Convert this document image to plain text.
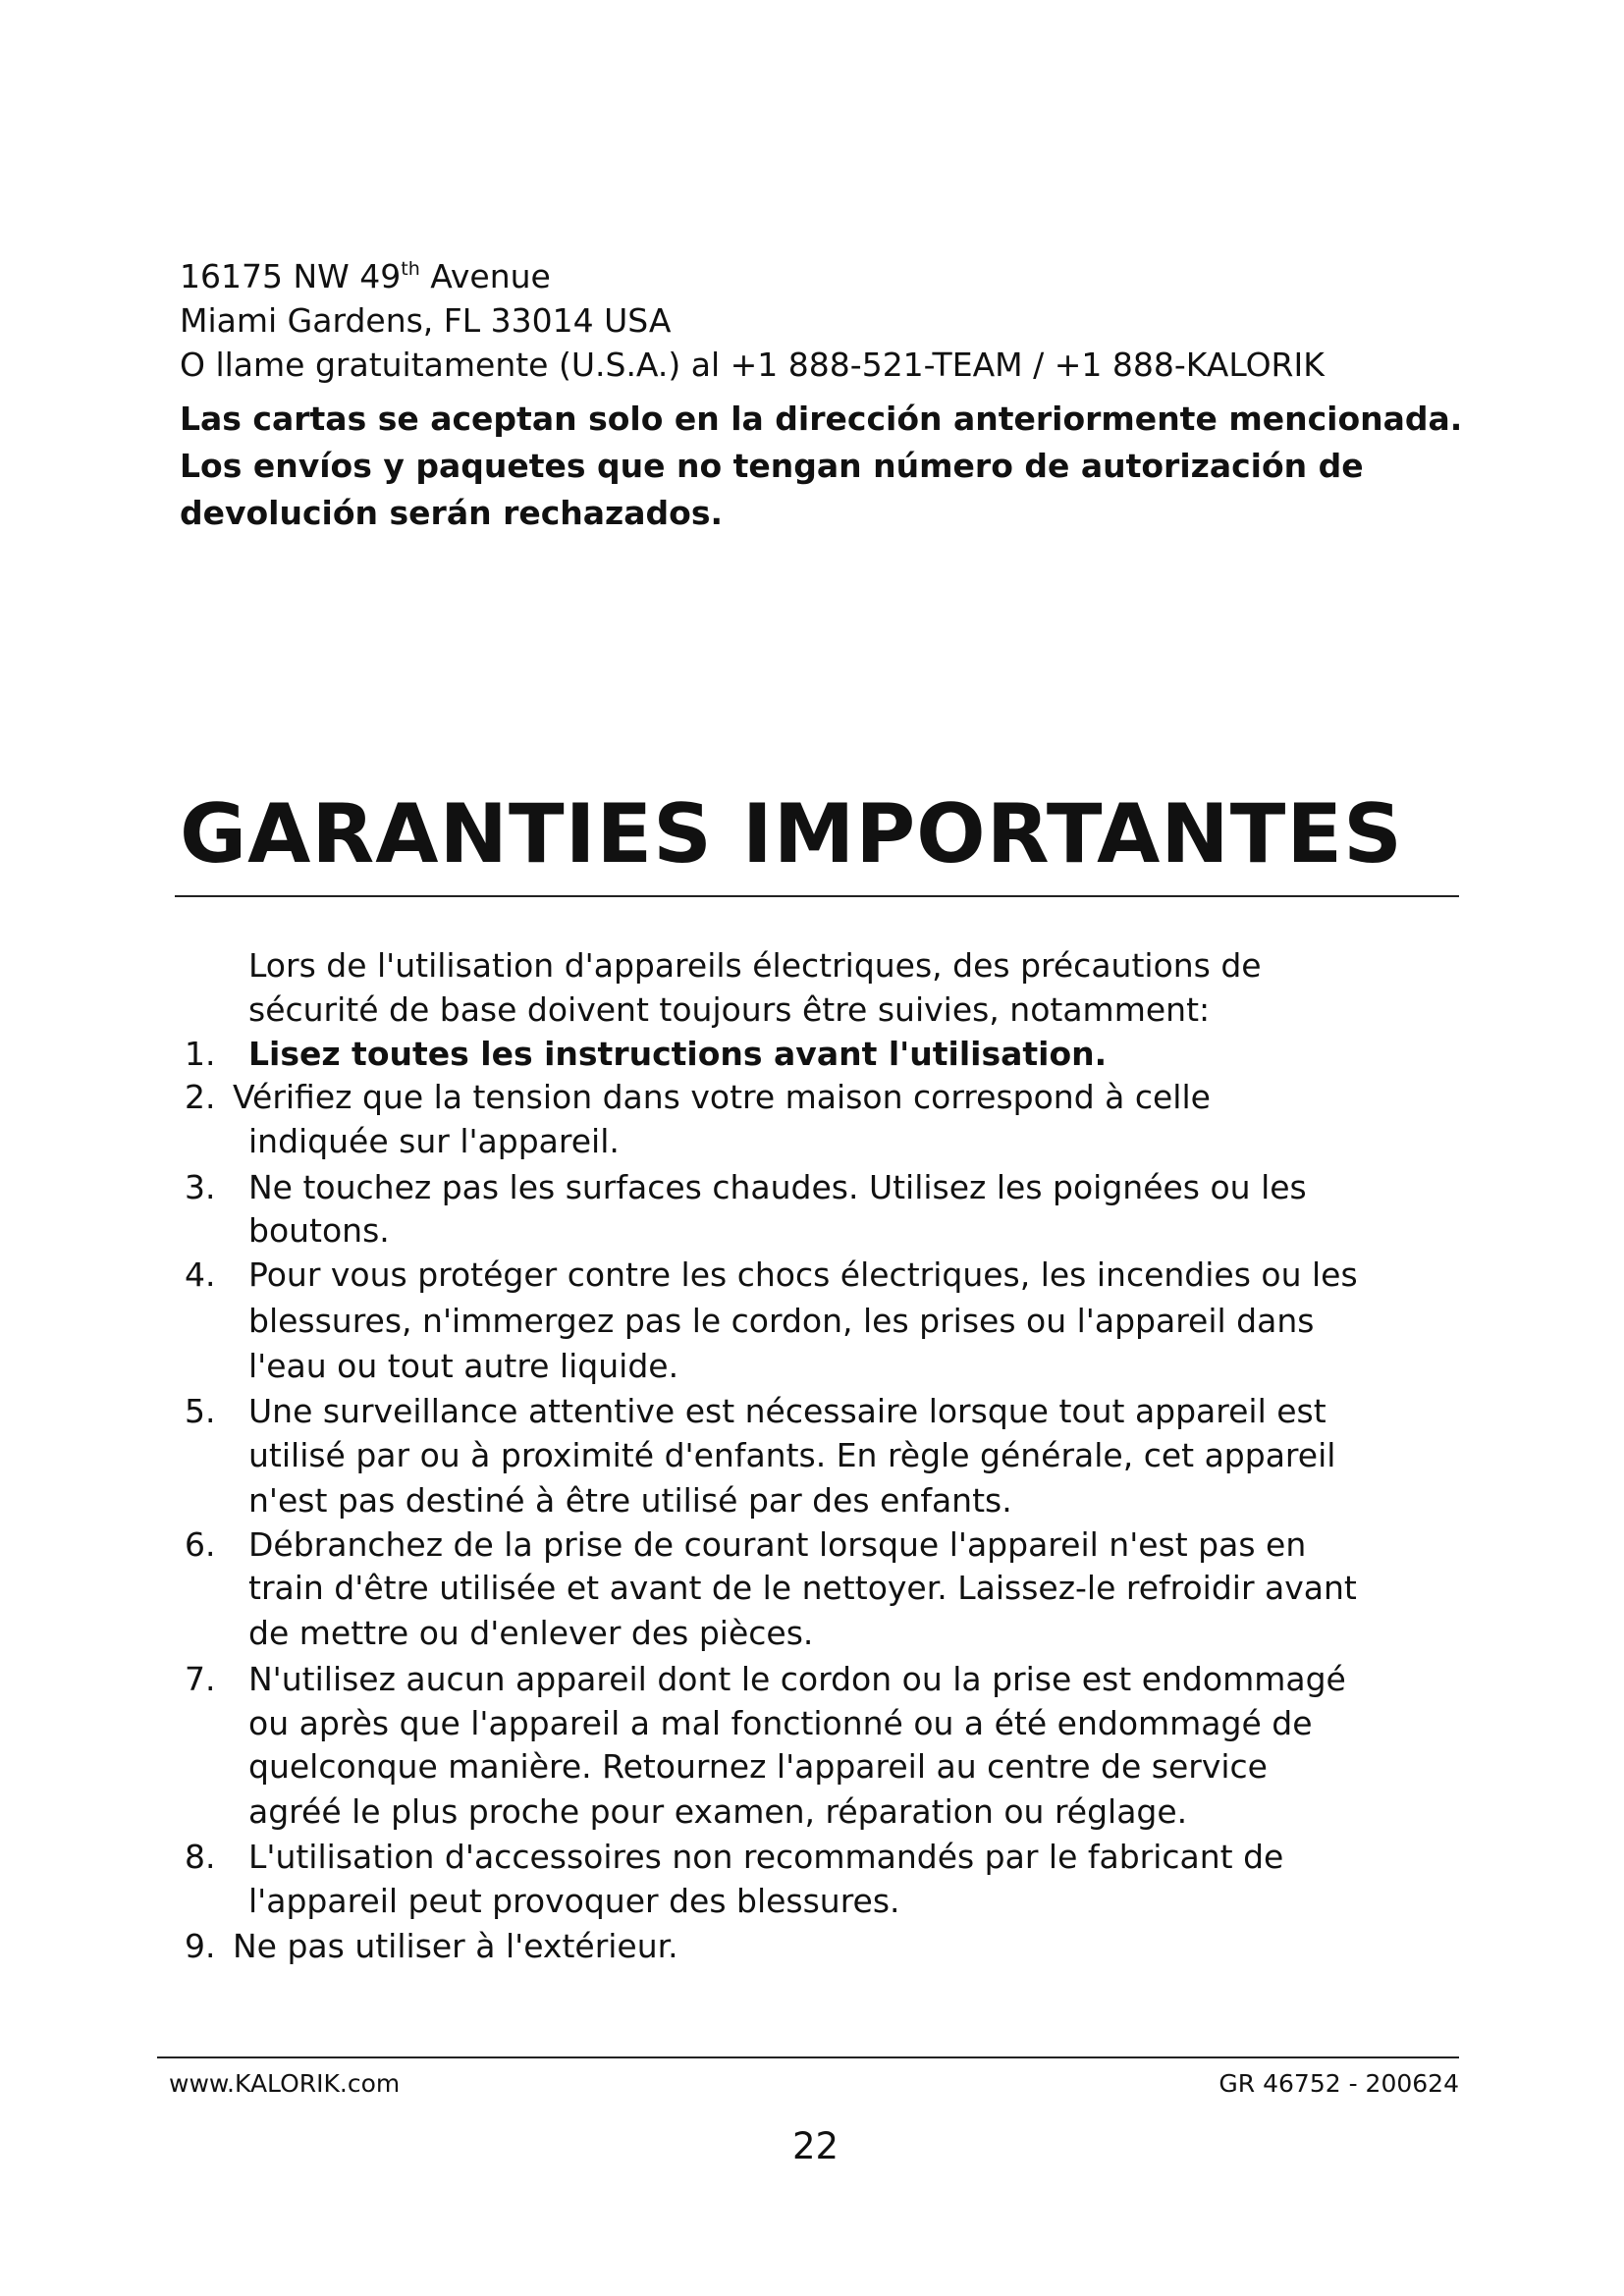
16175 NW 49th Avenue
Miami Gardens, FL 33014 USA
O llame gratuitamente (U.S.A.) al +1 888-521-TEAM / +1 888-KALORIK
Las cartas se aceptan solo en la dirección anteriormente mencionada.
Los envíos y paquetes que no tengan número de autorización de
devolución serán rechazados.
GARANTIES IMPORTANTES
Lors de l'utilisation d'appareils électriques, des précautions de
sécurité de base doivent toujours être suivies, notamment:
1. Lisez toutes les instructions avant l'utilisation.
2. Vérifiez que la tension dans votre maison correspond à celle
indiquée sur l'appareil.
3. Ne touchez pas les surfaces chaudes. Utilisez les poignées ou les
boutons.
4. Pour vous protéger contre les chocs électriques, les incendies ou les
blessures, n'immergez pas le cordon, les prises ou l'appareil dans
l'eau ou tout autre liquide.
5. Une surveillance attentive est nécessaire lorsque tout appareil est
utilisé par ou à proximité d'enfants. En règle générale, cet appareil
n'est pas destiné à être utilisé par des enfants.
6. Débranchez de la prise de courant lorsque l'appareil n'est pas en
train d'être utilisée et avant de le nettoyer. Laissez-le refroidir avant
de mettre ou d'enlever des pièces.
7. N'utilisez aucun appareil dont le cordon ou la prise est endommagé
ou après que l'appareil a mal fonctionné ou a été endommagé de
quelconque manière. Retournez l'appareil au centre de service
agréé le plus proche pour examen, réparation ou réglage.
8. L'utilisation d'accessoires non recommandés par le fabricant de
l'appareil peut provoquer des blessures.
9. Ne pas utiliser à l'extérieur.
www.KALORIK.com	GR 46752 - 200624
22
